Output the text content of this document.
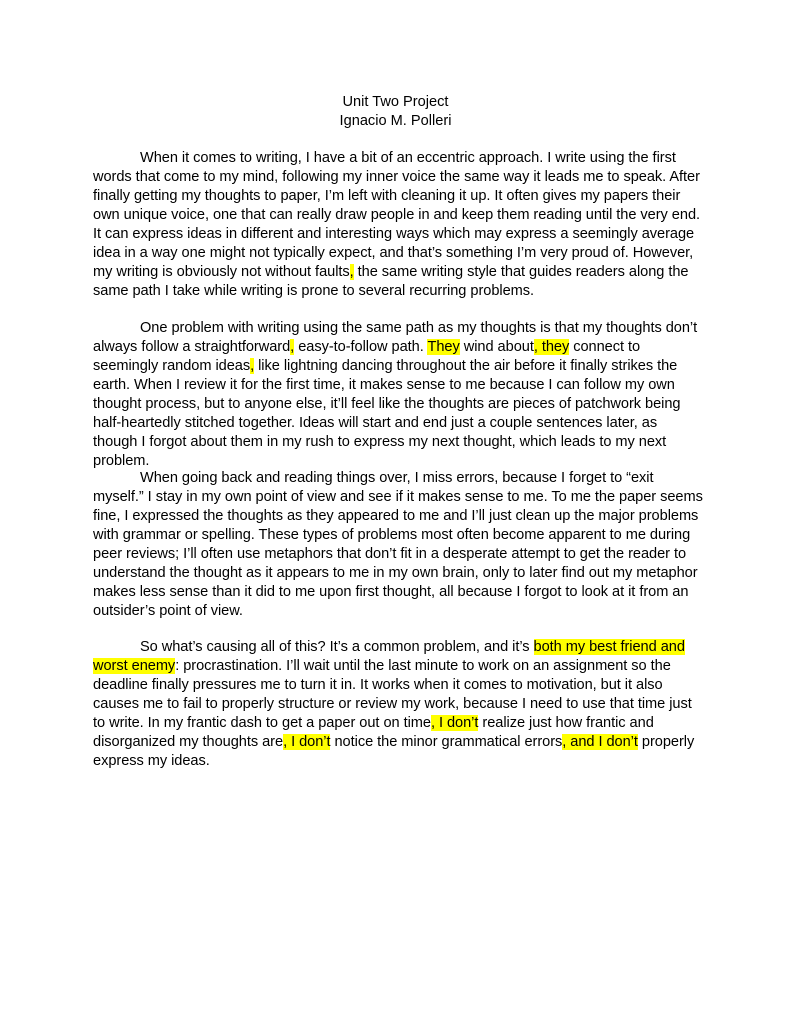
Unit Two Project
Ignacio M. Polleri

When it comes to writing, I have a bit of an eccentric approach. I write using the first words that come to my mind, following my inner voice the same way it leads me to speak. After finally getting my thoughts to paper, I’m left with cleaning it up. It often gives my papers their own unique voice, one that can really draw people in and keep them reading until the very end. It can express ideas in different and interesting ways which may express a seemingly average idea in a way one might not typically expect, and that’s something I’m very proud of. However, my writing is obviously not without faults, the same writing style that guides readers along the same path I take while writing is prone to several recurring problems.

One problem with writing using the same path as my thoughts is that my thoughts don’t always follow a straightforward, easy-to-follow path. They wind about, they connect to seemingly random ideas, like lightning dancing throughout the air before it finally strikes the earth. When I review it for the first time, it makes sense to me because I can follow my own thought process, but to anyone else, it’ll feel like the thoughts are pieces of patchwork being half-heartedly stitched together. Ideas will start and end just a couple sentences later, as though I forgot about them in my rush to express my next thought, which leads to my next problem.

When going back and reading things over, I miss errors, because I forget to “exit myself.” I stay in my own point of view and see if it makes sense to me. To me the paper seems fine, I expressed the thoughts as they appeared to me and I’ll just clean up the major problems with grammar or spelling. These types of problems most often become apparent to me during peer reviews; I’ll often use metaphors that don’t fit in a desperate attempt to get the reader to understand the thought as it appears to me in my own brain, only to later find out my metaphor makes less sense than it did to me upon first thought, all because I forgot to look at it from an outsider’s point of view.

So what’s causing all of this? It’s a common problem, and it’s both my best friend and worst enemy: procrastination. I’ll wait until the last minute to work on an assignment so the deadline finally pressures me to turn it in. It works when it comes to motivation, but it also causes me to fail to properly structure or review my work, because I need to use that time just to write. In my frantic dash to get a paper out on time, I don’t realize just how frantic and disorganized my thoughts are, I don’t notice the minor grammatical errors, and I don’t properly express my ideas.
